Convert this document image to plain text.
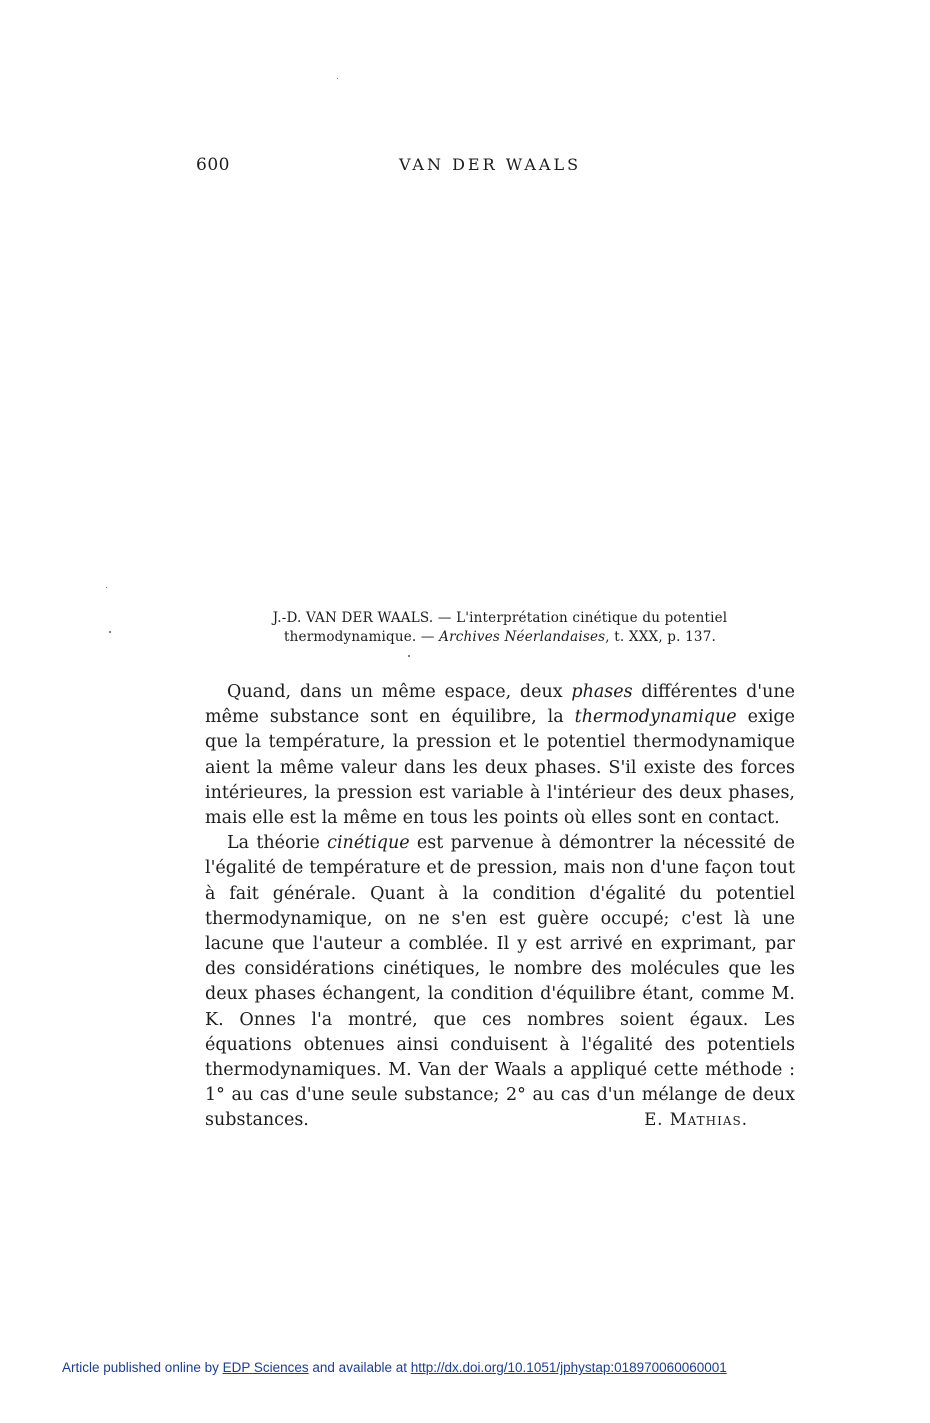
600	VAN DER WAALS
J.-D. VAN DER WAALS. — L'interprétation cinétique du potentiel
thermodynamique. — Archives Néerlandaises, t. XXX, p. 137.

Quand, dans un même espace, deux phases différentes d'une même substance sont en équilibre, la thermodynamique exige que la température, la pression et le potentiel thermodynamique aient la même valeur dans les deux phases. S'il existe des forces intérieures, la pression est variable à l'intérieur des deux phases, mais elle est la même en tous les points où elles sont en contact.

La théorie cinétique est parvenue à démontrer la nécessité de l'égalité de température et de pression, mais non d'une façon tout à fait générale. Quant à la condition d'égalité du potentiel thermodynamique, on ne s'en est guère occupé; c'est là une lacune que l'auteur a comblée. Il y est arrivé en exprimant, par des considérations cinétiques, le nombre des molécules que les deux phases échangent, la condition d'équilibre étant, comme M. K. Onnes l'a montré, que ces nombres soient égaux. Les équations obtenues ainsi conduisent à l'égalité des potentiels thermodynamiques. M. Van der Waals a appliqué cette méthode : 1° au cas d'une seule substance; 2° au cas d'un mélange de deux substances.	E. Mathias.
Article published online by EDP Sciences and available at http://dx.doi.org/10.1051/jphystap:018970060060001
